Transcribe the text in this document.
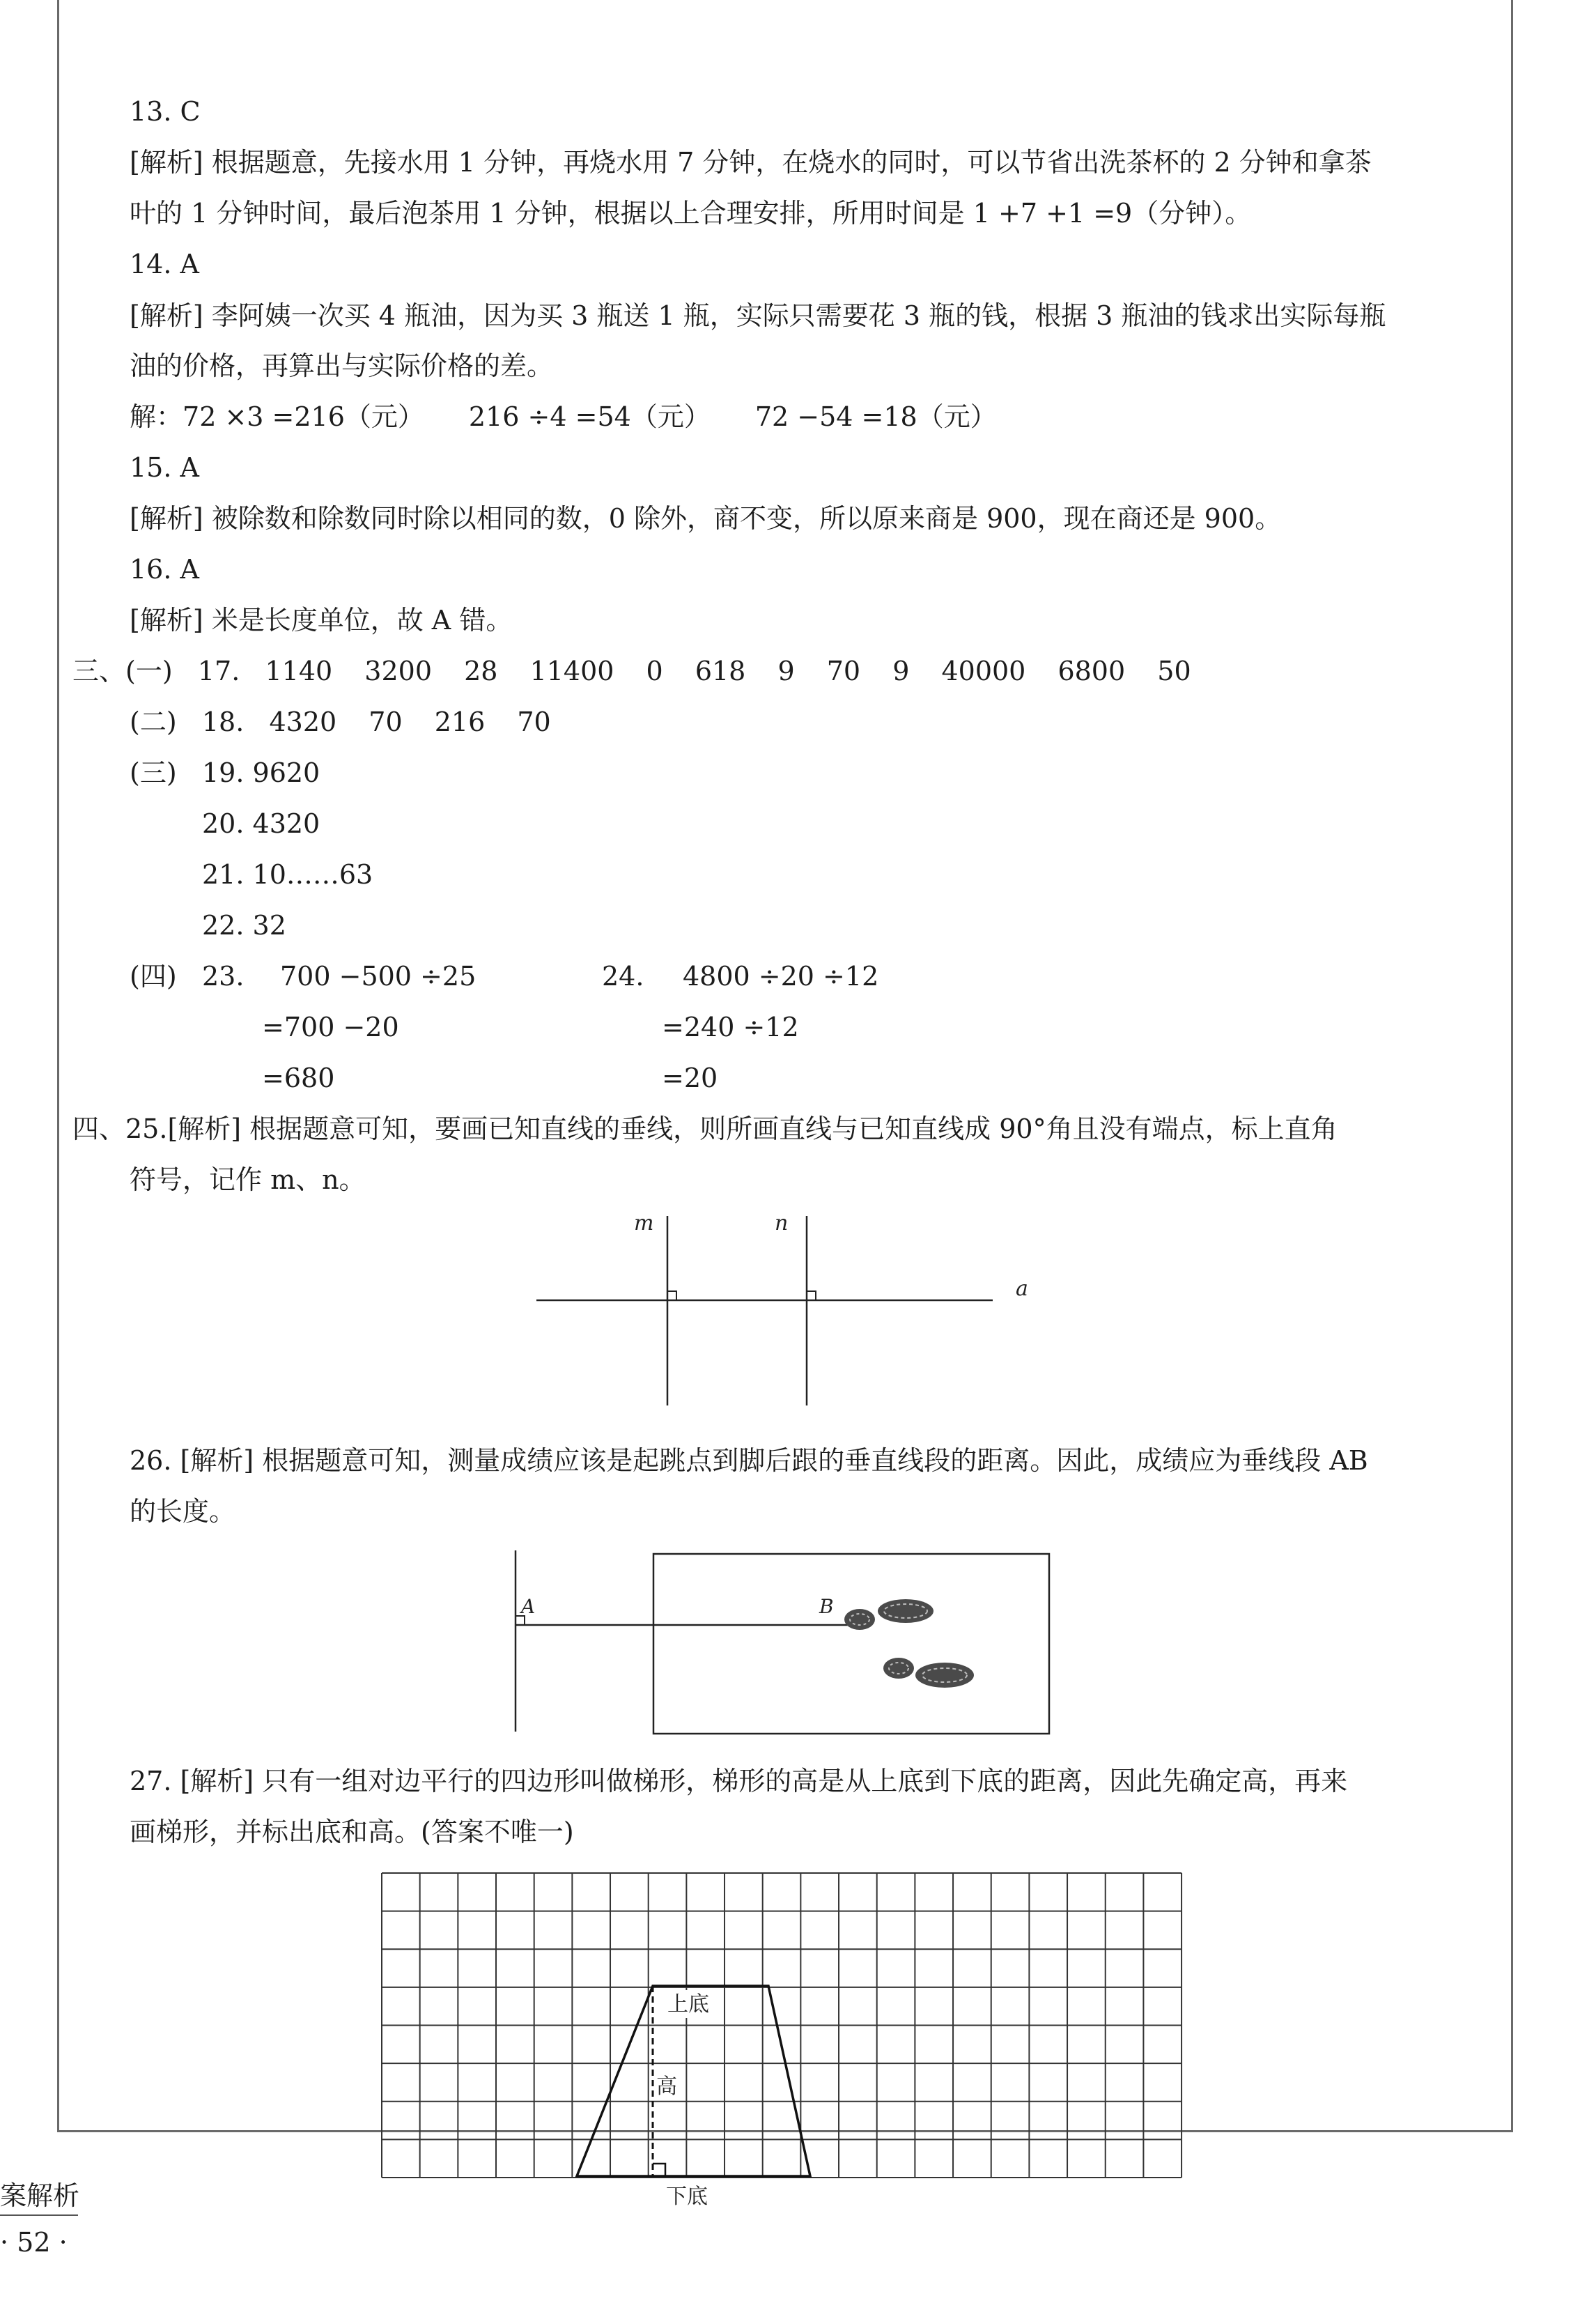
13. C
[解析] 根据题意，先接水用 1 分钟，再烧水用 7 分钟，在烧水的同时，可以节省出洗茶杯的 2 分钟和拿茶
叶的 1 分钟时间，最后泡茶用 1 分钟，根据以上合理安排，所用时间是 1 +7 +1 =9（分钟）。
14. A
[解析] 李阿姨一次买 4 瓶油，因为买 3 瓶送 1 瓶，实际只需要花 3 瓶的钱，根据 3 瓶油的钱求出实际每瓶
油的价格，再算出与实际价格的差。
解：72 ×3 =216（元） 216 ÷4 =54（元） 72 −54 =18（元）
15. A
[解析] 被除数和除数同时除以相同的数，0 除外，商不变，所以原来商是 900，现在商还是 900。
16. A
[解析] 米是长度单位，故 A 错。
三、(一) 17. 1140 3200 28 11400 0 618 9 70 9 40000 6800 50
(二) 18. 4320 70 216 70
(三) 19. 9620
20. 4320
21. 10……63
22. 32
(四) 23. 700 −500 ÷25
=700 −20
=680
24. 4800 ÷20 ÷12
=240 ÷12
=20
四、25.[解析] 根据题意可知，要画已知直线的垂线，则所画直线与已知直线成 90°角且没有端点，标上直角
符号，记作 m、n。
m	n
a
26. [解析] 根据题意可知，测量成绩应该是起跳点到脚后跟的垂直线段的距离。因此，成绩应为垂线段 AB
的长度。
A	B
27. [解析] 只有一组对边平行的四边形叫做梯形，梯形的高是从上底到下底的距离，因此先确定高，再来
画梯形，并标出底和高。(答案不唯一)
上底
高
下底
案解析
· 52 ·
